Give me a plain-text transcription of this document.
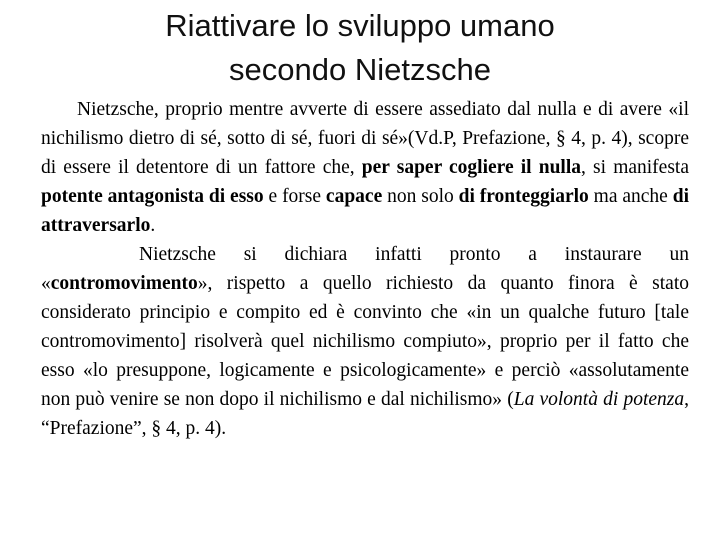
Riattivare lo sviluppo umano
secondo Nietzsche

Nietzsche, proprio mentre avverte di essere assediato dal nulla e di avere «il nichilismo dietro di sé, sotto di sé, fuori di sé»(Vd.P, Prefazione, § 4, p. 4), scopre di essere il detentore di un fattore che, per saper cogliere il nulla, si manifesta potente antagonista di esso e forse capace non solo di fronteggiarlo ma anche di attraversarlo.

Nietzsche si dichiara infatti pronto a instaurare un «contromovimento», rispetto a quello richiesto da quanto finora è stato considerato principio e compito ed è convinto che «in un qualche futuro [tale contromovimento] risolverà quel nichilismo compiuto», proprio per il fatto che esso «lo presuppone, logicamente e psicologicamente» e perciò «assolutamente non può venire se non dopo il nichilismo e dal nichilismo» (La volontà di potenza, “Prefazione”, § 4, p. 4).
